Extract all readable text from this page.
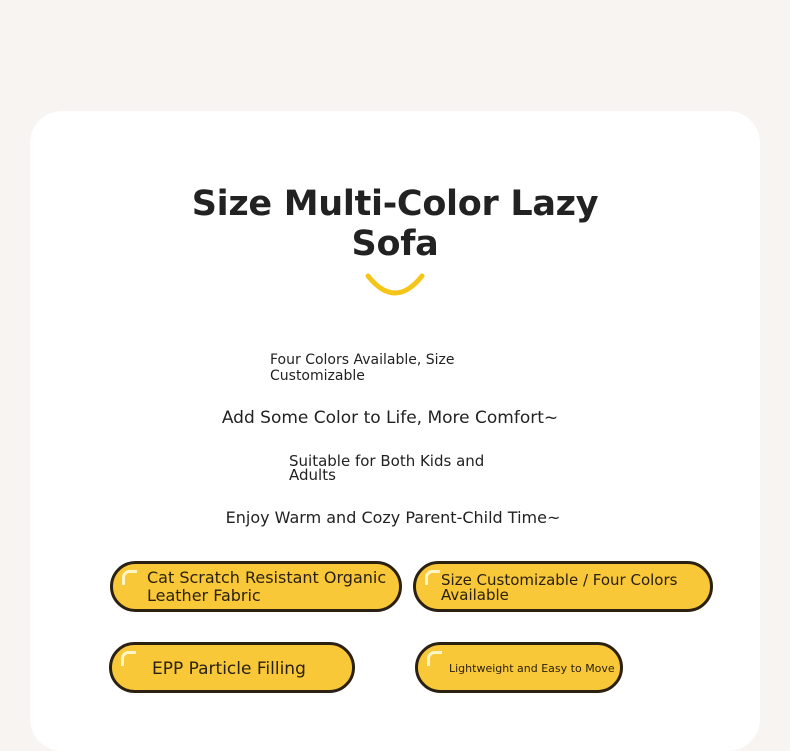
Size Multi-Color Lazy Sofa
Four Colors Available, Size Customizable
Add Some Color to Life, More Comfort~
Suitable for Both Kids and Adults
Enjoy Warm and Cozy Parent-Child Time~
Cat Scratch Resistant Organic Leather Fabric
Size Customizable / Four Colors Available
EPP Particle Filling	Lightweight and Easy to Move
